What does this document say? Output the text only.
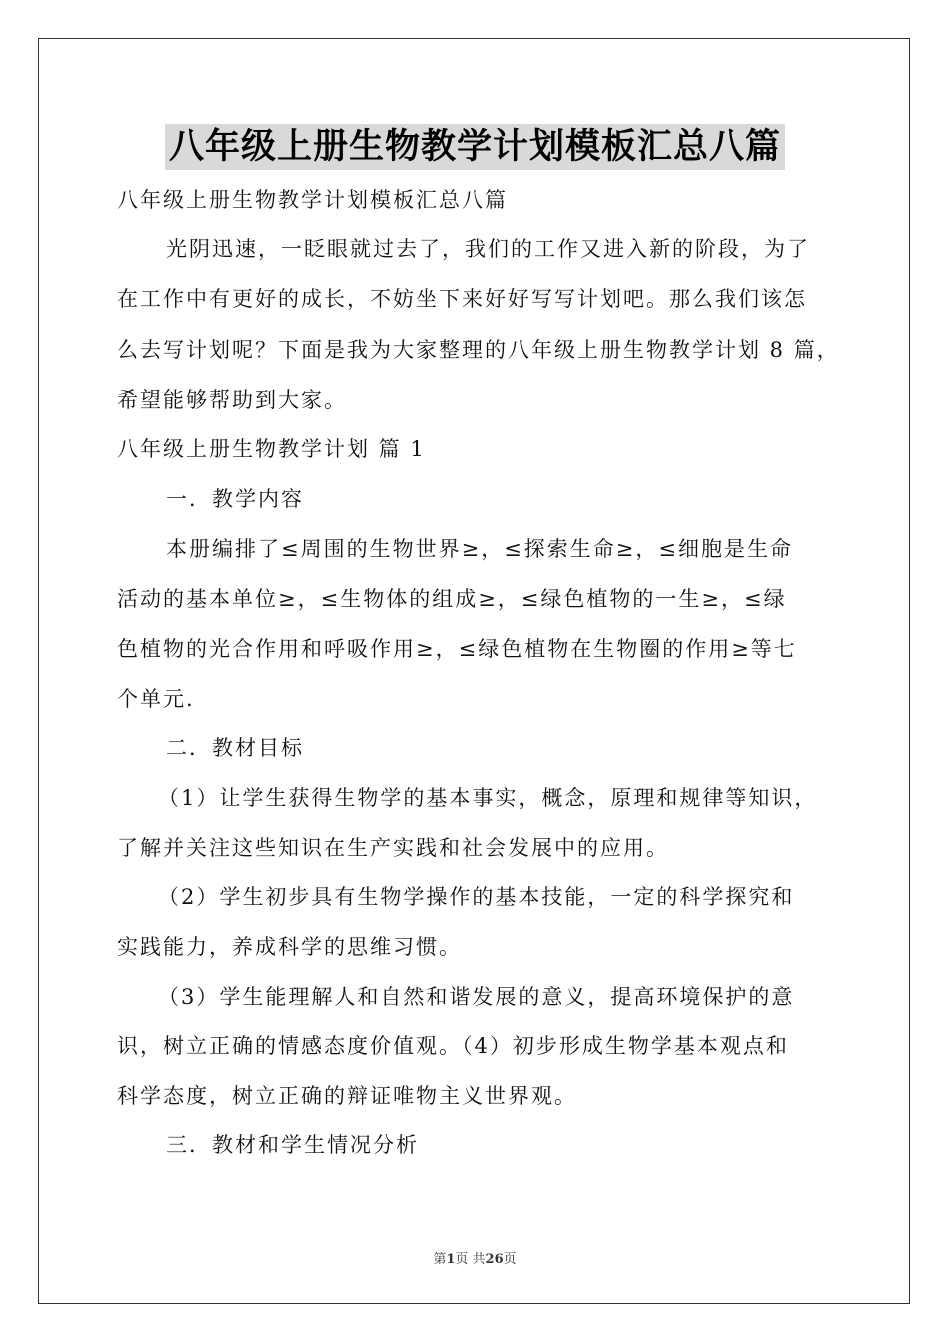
八年级上册生物教学计划模板汇总八篇
八年级上册生物教学计划模板汇总八篇
光阴迅速，一眨眼就过去了，我们的工作又进入新的阶段，为了
在工作中有更好的成长，不妨坐下来好好写写计划吧。那么我们该怎
么去写计划呢？下面是我为大家整理的八年级上册生物教学计划 8 篇，
希望能够帮助到大家。
八年级上册生物教学计划 篇 1
一．教学内容
本册编排了≤周围的生物世界≥，≤探索生命≥，≤细胞是生命
活动的基本单位≥，≤生物体的组成≥，≤绿色植物的一生≥，≤绿
色植物的光合作用和呼吸作用≥，≤绿色植物在生物圈的作用≥等七
个单元.
二．教材目标
（1）让学生获得生物学的基本事实，概念，原理和规律等知识，
了解并关注这些知识在生产实践和社会发展中的应用。
（2）学生初步具有生物学操作的基本技能，一定的科学探究和
实践能力，养成科学的思维习惯。
（3）学生能理解人和自然和谐发展的意义，提高环境保护的意
识，树立正确的情感态度价值观。（4）初步形成生物学基本观点和
科学态度，树立正确的辩证唯物主义世界观。
三．教材和学生情况分析
第1页 共26页
